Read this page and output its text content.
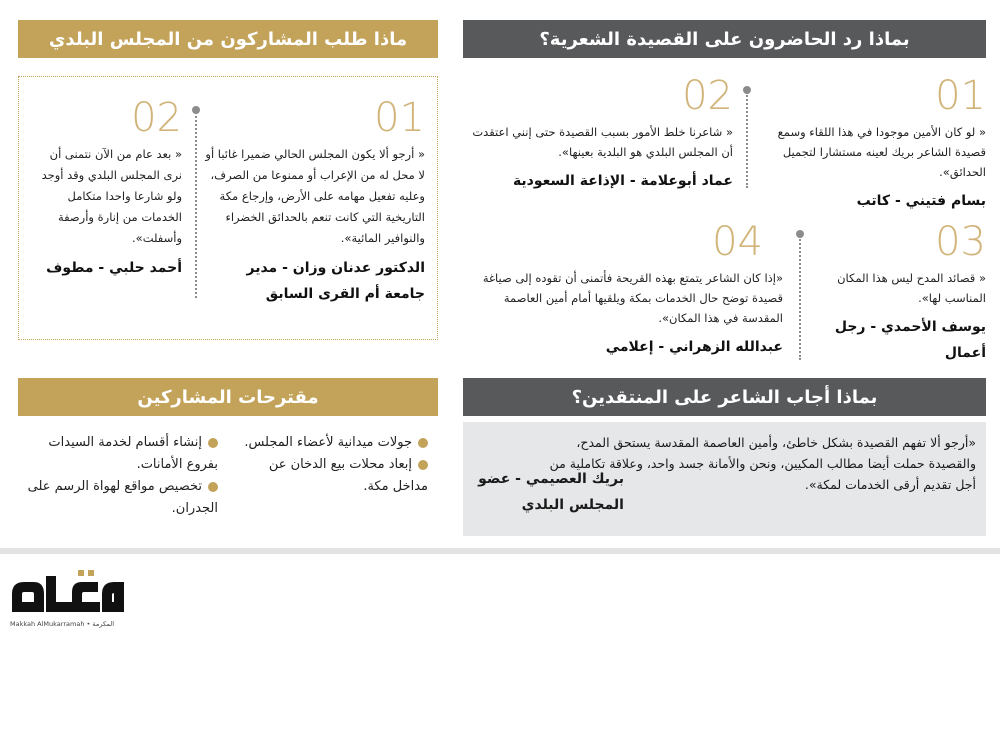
ماذا طلب المشاركون من المجلس البلدي
01
« أرجو ألا يكون المجلس الحالي ضميرا غائبا أو لا محل له من الإعراب أو ممنوعا من الصرف، وعليه تفعيل مهامه على الأرض، وإرجاع مكة التاريخية التي كانت تنعم بالحدائق الخضراء والنوافير المائية».
الدكتور عدنان وزان - مدير جامعة أم القرى السابق
02
« بعد عام من الآن نتمنى أن نرى المجلس البلدي وقد أوجد ولو شارعا واحدا متكامل الخدمات من إنارة وأرصفة وأسفلت».
أحمد حلبي - مطوف
بماذا رد الحاضرون على القصيدة الشعرية؟
01
« لو كان الأمين موجودا في هذا اللقاء وسمع قصيدة الشاعر بريك لعينه مستشارا لتجميل الحدائق».
بسام فتيني - كاتب
02
« شاعرنا خلط الأمور بسبب القصيدة حتى إنني اعتقدت أن المجلس البلدي هو البلدية بعينها».
عماد أبوعلامة - الإذاعة السعودية
03
« قصائد المدح ليس هذا المكان المناسب لها».
يوسف الأحمدي - رجل أعمال
04
«إذا كان الشاعر يتمتع بهذه القريحة فأتمنى أن تقوده إلى صياغة قصيدة توضح حال الخدمات بمكة ويلقيها أمام أمين العاصمة المقدسة في هذا المكان».
عبدالله الزهراني - إعلامي
مقترحات المشاركين
جولات ميدانية لأعضاء المجلس.
إبعاد محلات بيع الدخان عن مداخل مكة.
إنشاء أقسام لخدمة السيدات بفروع الأمانات.
تخصيص مواقع لهواة الرسم على الجدران.
بماذا أجاب الشاعر على المنتقدين؟
«أرجو ألا تفهم القصيدة بشكل خاطئ، وأمين العاصمة المقدسة يستحق المدح، والقصيدة حملت أيضا مطالب المكيين، ونحن والأمانة جسد واحد، وعلاقة تكاملية من أجل تقديم أرقى الخدمات لمكة».
بريك العصيمي - عضو المجلس البلدي
Makkah AlMukarramah • المكرمة
